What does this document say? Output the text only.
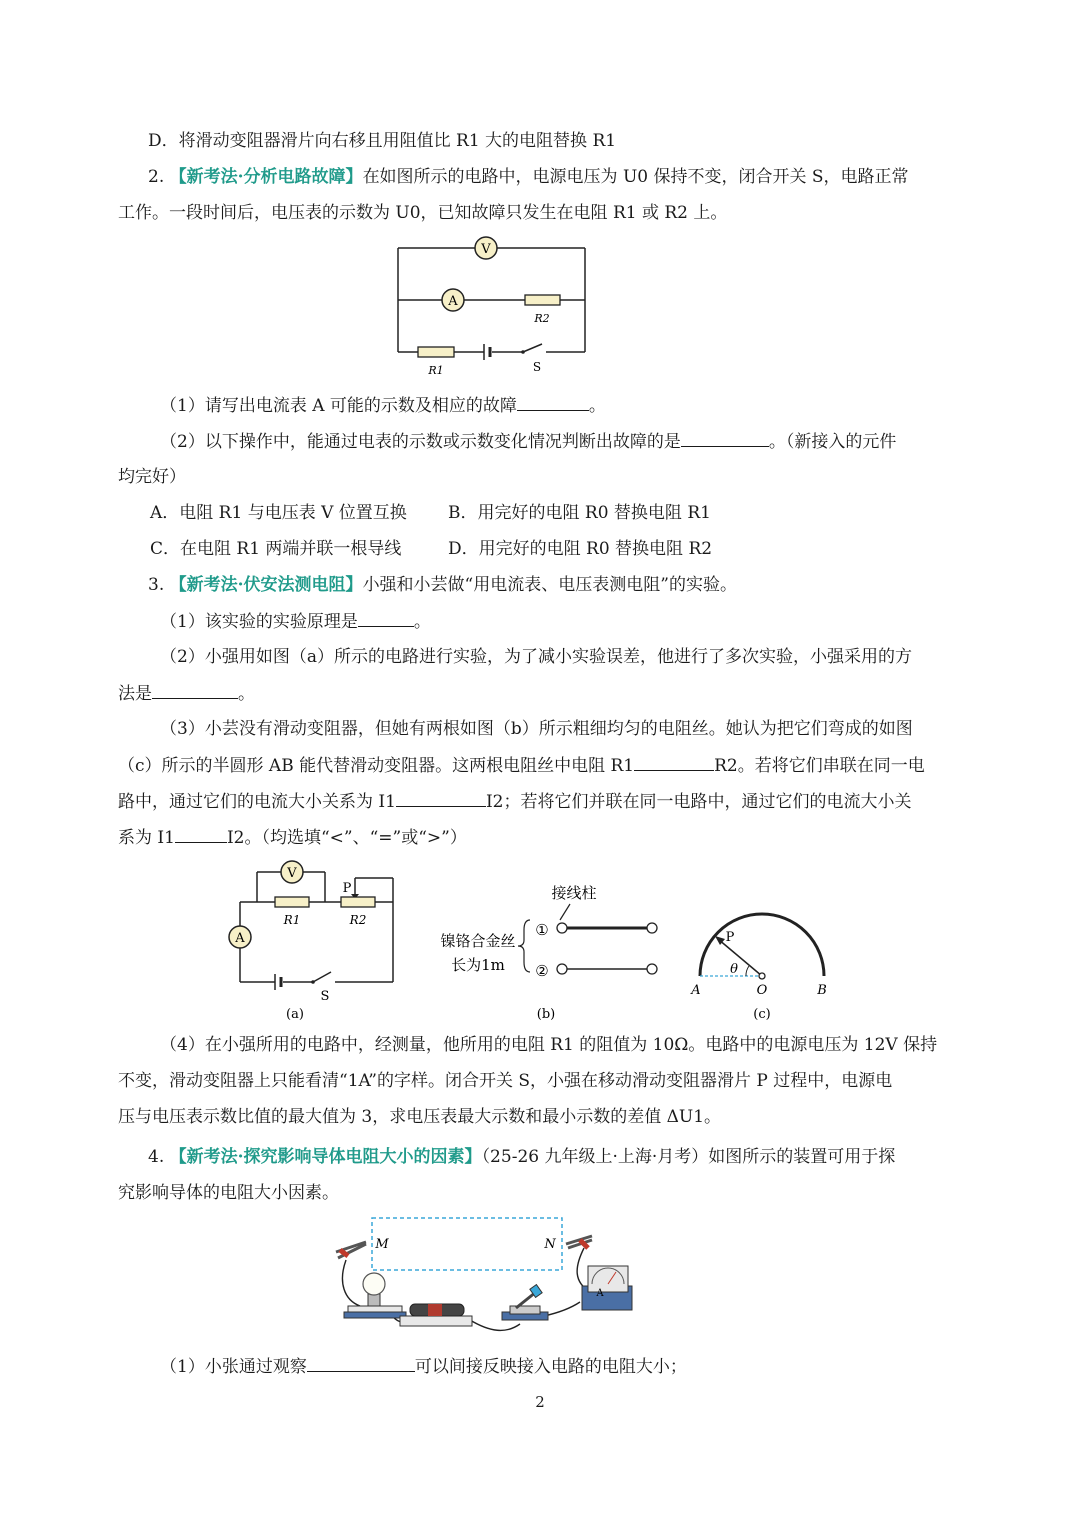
D．将滑动变阻器滑片向右移且用阻值比 R1 大的电阻替换 R1
2. 【新考法·分析电路故障】在如图所示的电路中，电源电压为 U0 保持不变，闭合开关 S，电路正常
工作。一段时间后，电压表的示数为 U0，已知故障只发生在电阻 R1 或 R2 上。
V
A
R2
R1	S
（1）请写出电流表 A 可能的示数及相应的故障	。
（2）以下操作中，能通过电表的示数或示数变化情况判断出故障的是	。（新接入的元件
均完好）
A．电阻 R1 与电压表 V 位置互换 B．用完好的电阻 R0 替换电阻 R1
C．在电阻 R1 两端并联一根导线	D．用完好的电阻 R0 替换电阻 R2
3. 【新考法·伏安法测电阻】小强和小芸做“用电流表、电压表测电阻”的实验。
（1）该实验的实验原理是	。
（2）小强用如图（a）所示的电路进行实验，为了减小实验误差，他进行了多次实验，小强采用的方
法是	。
（3）小芸没有滑动变阻器，但她有两根如图（b）所示粗细均匀的电阻丝。她认为把它们弯成的如图
（c）所示的半圆形 AB 能代替滑动变阻器。这两根电阻丝中电阻 R1	R2。若将它们串联在同一电
路中，通过它们的电流大小关系为 I1	I2；若将它们并联在同一电路中，通过它们的电流大小关
系为 I1	I2。（均选填“<”、“=”或“>”）
V
A
R1	R2
P
S
(a)
接线柱
镍铬合金丝
长为1m
①
②
(b)
θ
P
A	O	B
(c)
（4）在小强所用的电路中，经测量，他所用的电阻 R1 的阻值为 10Ω。电路中的电源电压为 12V 保持
不变，滑动变阻器上只能看清“1A”的字样。闭合开关 S，小强在移动滑动变阻器滑片 P 过程中，电源电
压与电压表示数比值的最大值为 3，求电压表最大示数和最小示数的差值 ΔU1。
4. 【新考法·探究影响导体电阻大小的因素】（25-26 九年级上·上海·月考）如图所示的装置可用于探
究影响导体的电阻大小因素。
M	N
A
（1）小张通过观察	可以间接反映接入电路的电阻大小；
2
